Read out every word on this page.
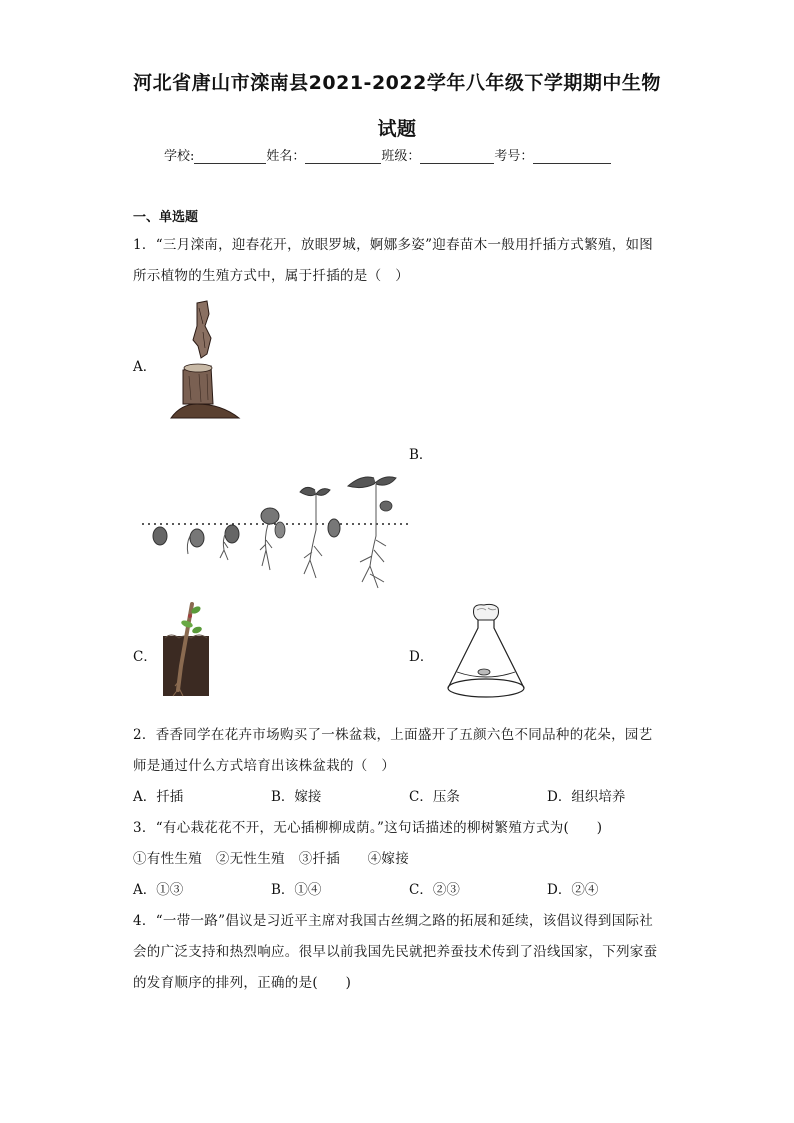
河北省唐山市滦南县2021-2022学年八年级下学期期中生物
试题
学校:	姓名：	班级：	考号：
一、单选题
1．“三月滦南，迎春花开，放眼罗城，婀娜多姿”迎春苗木一般用扦插方式繁殖，如图
所示植物的生殖方式中，属于扦插的是（　）
A．
B．
C．	D．
2．香香同学在花卉市场购买了一株盆栽，上面盛开了五颜六色不同品种的花朵，园艺
师是通过什么方式培育出该株盆栽的（　）
A．扦插	B．嫁接	C．压条	D．组织培养
3．“有心栽花花不开，无心插柳柳成荫。”这句话描述的柳树繁殖方式为(　　)
①有性生殖　②无性生殖　③扦插　　④嫁接
A．①③	B．①④	C．②③	D．②④
4．“一带一路”倡议是习近平主席对我国古丝绸之路的拓展和延续，该倡议得到国际社
会的广泛支持和热烈响应。很早以前我国先民就把养蚕技术传到了沿线国家，下列家蚕
的发育顺序的排列，正确的是(　　)
